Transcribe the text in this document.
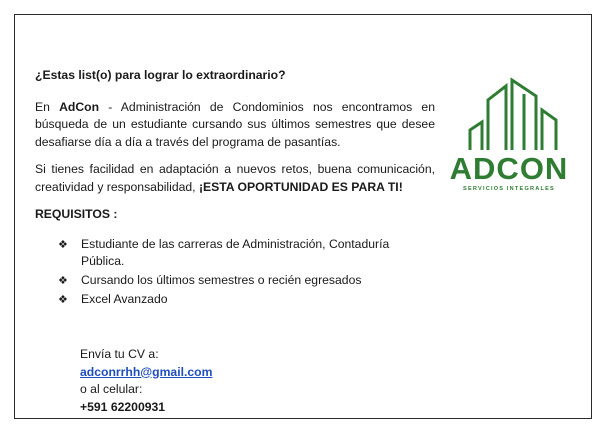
¿Estas list(o) para lograr lo extraordinario?

En AdCon - Administración de Condominios nos encontramos en búsqueda de un estudiante cursando sus últimos semestres que desee desafiarse día a día a través del programa de pasantías.

Si tienes facilidad en adaptación a nuevos retos, buena comunicación, creatividad y responsabilidad, ¡ESTA OPORTUNIDAD ES PARA TI!

REQUISITOS :

❖	Estudiante de las carreras de Administración, Contaduría Pública.
❖	Cursando los últimos semestres o recién egresados
❖	Excel Avanzado
Envía tu CV a:
adconrrhh@gmail.com
o al celular:
+591 62200931
ADCON
SERVICIOS INTEGRALES
